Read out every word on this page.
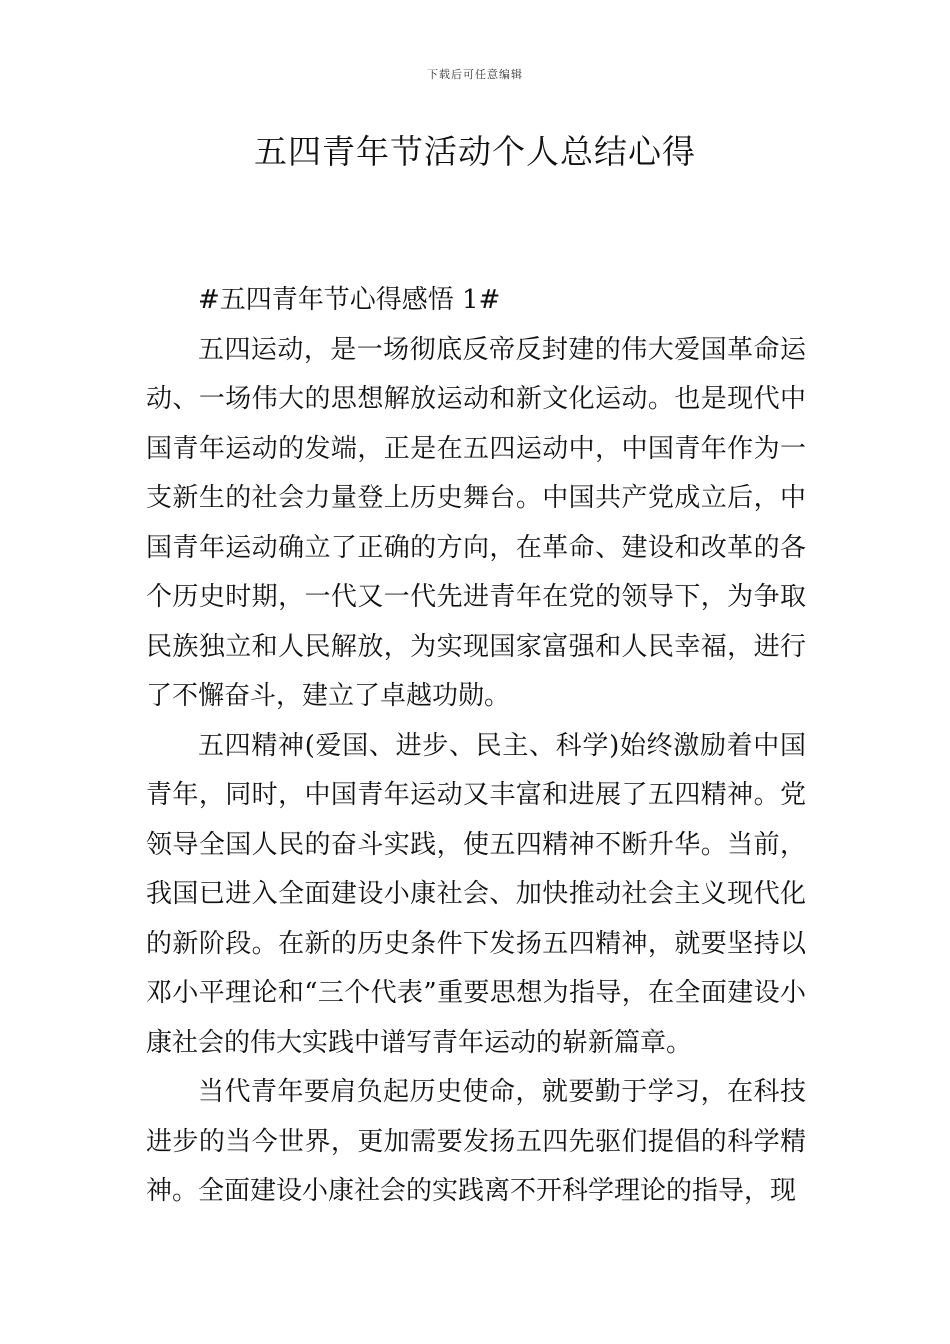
下载后可任意编辑
五四青年节活动个人总结心得

#五四青年节心得感悟 1#

五四运动，是一场彻底反帝反封建的伟大爱国革命运动、一场伟大的思想解放运动和新文化运动。也是现代中国青年运动的发端，正是在五四运动中，中国青年作为一支新生的社会力量登上历史舞台。中国共产党成立后，中国青年运动确立了正确的方向，在革命、建设和改革的各个历史时期，一代又一代先进青年在党的领导下，为争取民族独立和人民解放，为实现国家富强和人民幸福，进行了不懈奋斗，建立了卓越功勋。

五四精神(爱国、进步、民主、科学)始终激励着中国青年，同时，中国青年运动又丰富和进展了五四精神。党领导全国人民的奋斗实践，使五四精神不断升华。当前，我国已进入全面建设小康社会、加快推动社会主义现代化的新阶段。在新的历史条件下发扬五四精神，就要坚持以邓小平理论和“三个代表”重要思想为指导，在全面建设小康社会的伟大实践中谱写青年运动的崭新篇章。

当代青年要肩负起历史使命，就要勤于学习，在科技进步的当今世界，更加需要发扬五四先驱们提倡的科学精神。全面建设小康社会的实践离不开科学理论的指导，现
